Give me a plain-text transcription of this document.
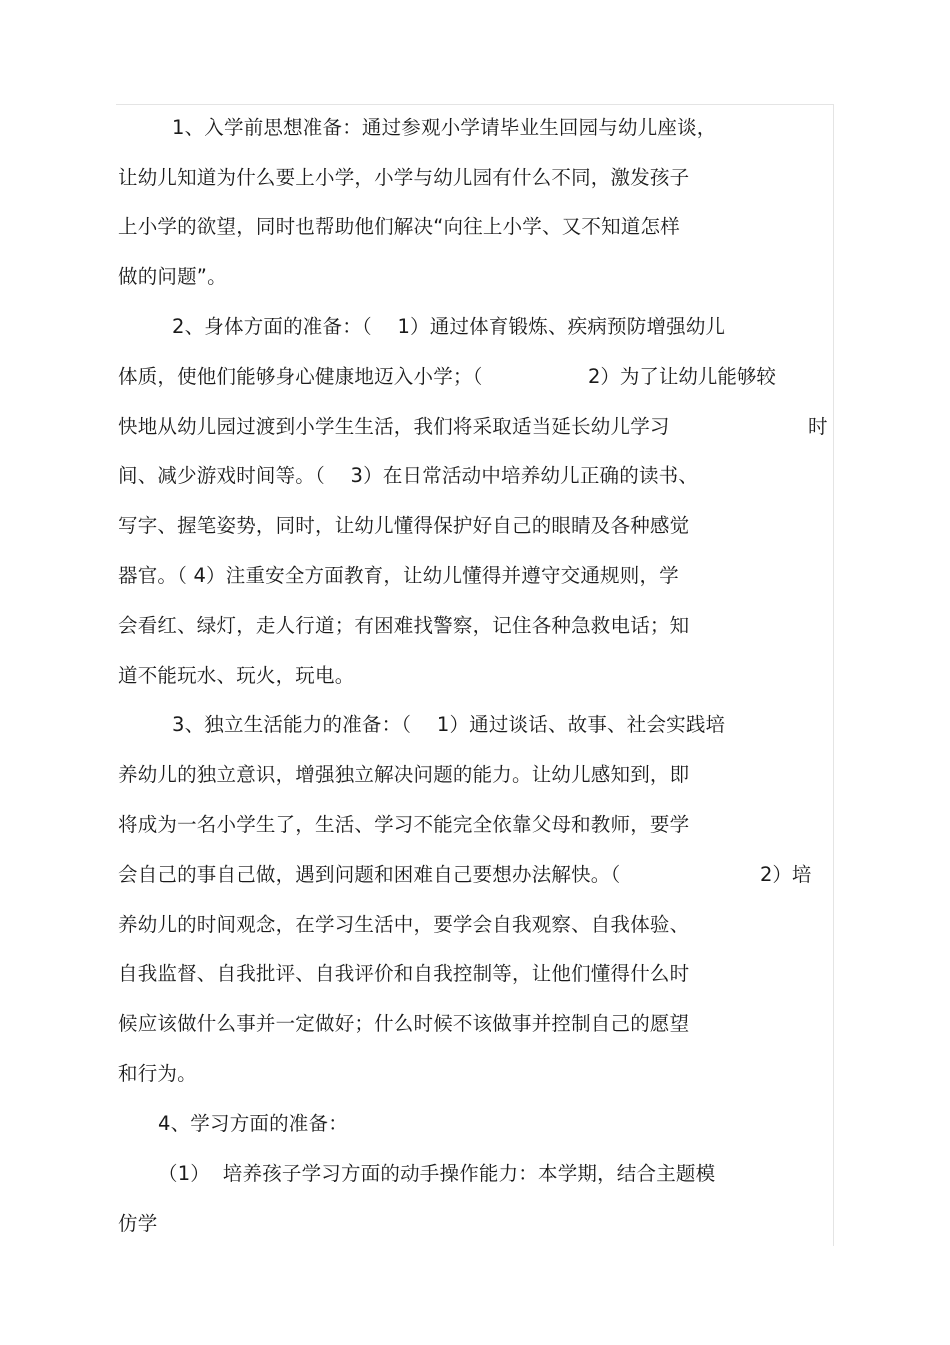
1、入学前思想准备：通过参观小学请毕业生回园与幼儿座谈，
让幼儿知道为什么要上小学，小学与幼儿园有什么不同，激发孩子
上小学的欲望，同时也帮助他们解决“向往上小学、又不知道怎样
做的问题”。
2、身体方面的准备：（    1）通过体育锻炼、疾病预防增强幼儿
体质，使他们能够身心健康地迈入小学；（	2）为了让幼儿能够较
快地从幼儿园过渡到小学生生活，我们将采取适当延长幼儿学习	时
间、减少游戏时间等。（    3）在日常活动中培养幼儿正确的读书、
写字、握笔姿势，同时，让幼儿懂得保护好自己的眼睛及各种感觉
器官。（ 4）注重安全方面教育，让幼儿懂得并遵守交通规则，学
会看红、绿灯，走人行道；有困难找警察，记住各种急救电话；知
道不能玩水、玩火，玩电。
3、独立生活能力的准备：（    1）通过谈话、故事、社会实践培
养幼儿的独立意识，增强独立解决问题的能力。让幼儿感知到，即
将成为一名小学生了，生活、学习不能完全依靠父母和教师，要学
会自己的事自己做，遇到问题和困难自己要想办法解快。（	2）培
养幼儿的时间观念，在学习生活中，要学会自我观察、自我体验、
自我监督、自我批评、自我评价和自我控制等，让他们懂得什么时
候应该做什么事并一定做好；什么时候不该做事并控制自己的愿望
和行为。
4、学习方面的准备：
（1）  培养孩子学习方面的动手操作能力：本学期，结合主题模
仿学
